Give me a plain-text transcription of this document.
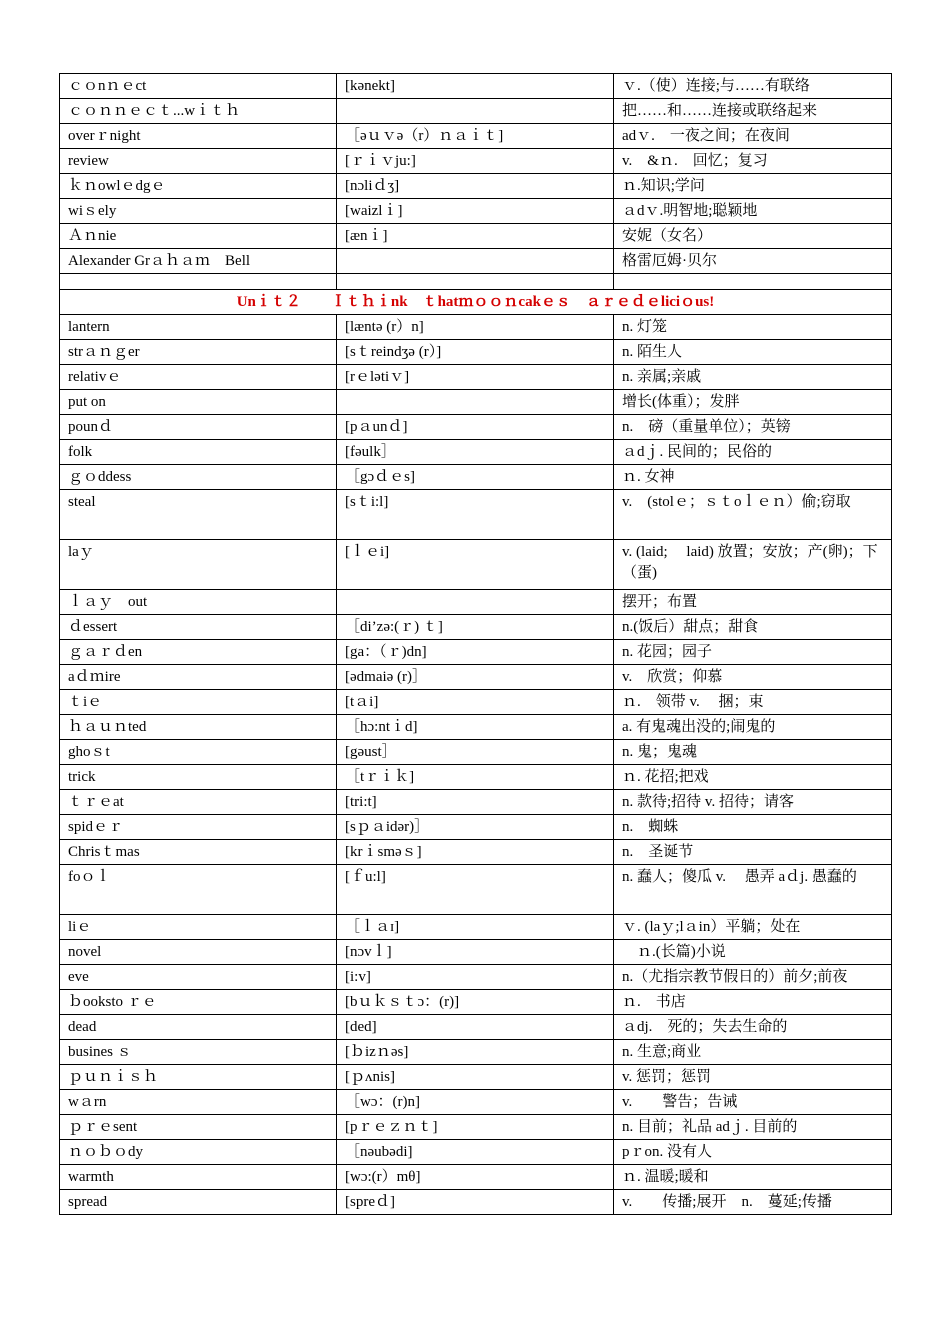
ｃｏnｎｅct	[kənekt]	ｖ.（使）连接;与……有联络
ｃｏｎｎｅｃｔ...wｉｔｈ		把……和……连接或联络起来
overｒnight	［əｕｖə（r）ｎａｉｔ]	adｖ.　一夜之间；在夜间
review	[ｒｉｖju:]	v.　&ｎ.　回忆；复习
ｋｎowlｅdgｅ	[nɔliｄʒ]	ｎ.知识;学问
wiｓely	[waizlｉ]	ａdｖ.明智地;聪颖地
Ａｎnie	[ænｉ]	安妮（女名）
Alexander Grａｈａｍ　Bell		格雷厄姆·贝尔

Unｉｔ２　　Ｉｔｈｉnk　ｔhatｍｏｏｎcakｅｓ　ａｒｅｄｅliciｏus!		
lantern	[læntə (r）n]	n. 灯笼
strａｎｇer	[sｔreindʒə (r）]	n. 陌生人
relativｅ	[rｅlətiｖ]	n. 亲属;亲戚
put on		增长(体重）；发胖
pounｄ	[pａunｄ]	n.　磅（重量单位）；英镑
folk	[fəulk］	ａdｊ. 民间的；民俗的
ｇｏddess	［gɔｄｅs]	ｎ. 女神
steal	[sｔi:l]	v.　(stolｅ；ｓｔoｌｅｎ）偷;窃取
laｙ	[ｌｅi]	v. (laid;　 laid) 放置；安放；产(卵)；下（蛋)
ｌａｙ　out		摆开；布置
ｄessert	［di’zə:(ｒ) ｔ]	n.(饭后）甜点；甜食
ｇａｒｄen	[ga：（ｒ)dn]	n. 花园；园子
aｄｍire	[ədmaiə (r)］	v.　欣赏；仰慕
ｔiｅ	[tａi]	ｎ.　领带 v.　 捆；束
ｈａｕｎted	［hɔ:ntｉd]	a. 有鬼魂出没的;闹鬼的
ghoｓt	[gəust］	n. 鬼；鬼魂
trick	［tｒｉｋ]	ｎ. 花招;把戏
ｔｒｅat	[tri:t]	n. 款待;招待 v. 招待；请客
spidｅｒ	[sｐａidər)］	n.　蜘蛛
Chrisｔmas	[krｉsməｓ]	n.　圣诞节
foｏｌ	[ｆu:l]	n. 蠢人；傻瓜 v.　 愚弄 aｄj. 愚蠢的
liｅ	［ｌａɪ]	ｖ. (laｙ;lａin）平躺；处在
novel	[nɔvｌ]	　ｎ.(长篇)小说
eve	[i:v]	n.（尤指宗教节假日的）前夕;前夜
ｂooksto ｒｅ	[bｕｋｓｔɔ：(r)]	ｎ.　书店
dead	[ded]	ａdj.　死的；失去生命的
busines ｓ	[ｂizｎəs]	n. 生意;商业
ｐｕｎｉｓｈ	[ｐʌnis]	v. 惩罚；惩罚
wａrn	［wɔ：(r)n]	v.　　警告；告诫
ｐｒｅsent	[pｒｅｚｎｔ]	n. 目前；礼品 adｊ. 目前的
ｎｏｂｏdy	［nəubədi]	pｒon. 没有人
warmth	[wɔ:(r）mθ]	ｎ. 温暖;暖和
spread	[spreｄ]	v.　　传播;展开　n.　蔓延;传播
